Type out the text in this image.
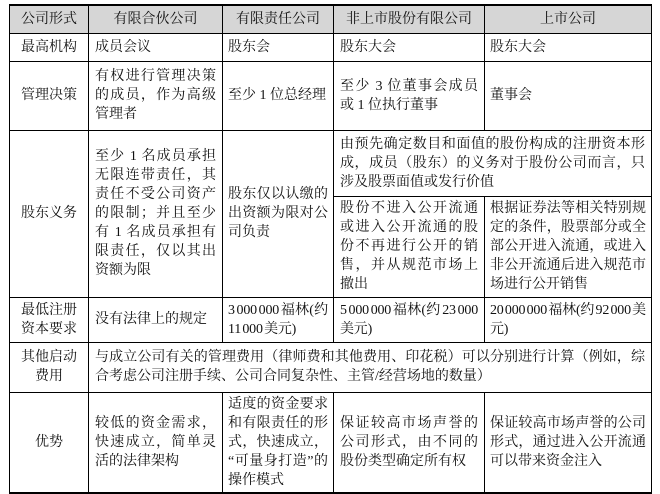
公司形式	有限合伙公司	有限责任公司	非上市股份有限公司	上市公司
最高机构	成员会议	股东会	股东大会	股东大会
管理决策	有权进行管理决策的成员，作为高级管理者	至少 1 位总经理	至少 3 位董事会成员或 1 位执行董事	董事会
股东义务	至少 1 名成员承担无限连带责任，其责任不受公司资产的限制；并且至少有 1 名成员承担有限责任，仅以其出资额为限	股东仅以认缴的出资额为限对公司负责	由预先确定数目和面值的股份构成的注册资本形成，成员（股东）的义务对于股份公司而言，只涉及股票面值或发行价值	
			股份不进入公开流通或进入公开流通的股份不再进行公开的销售，并从规范市场上撤出	根据证券法等相关特别规定的条件，股票部分或全部公开进入流通，或进入非公开流通后进入规范市场进行公开销售
最低注册资本要求	没有法律上的规定	3 000 000 福林(约 11 000 美元)	5 000 000 福林(约 23 000 美元)	20 000 000 福林(约 92 000 美元)
其他启动费用	与成立公司有关的管理费用（律师费和其他费用、印花税）可以分别进行计算（例如，综合考虑公司注册手续、公司合同复杂性、主管/经营场地的数量）			
优势	较低的资金需求，快速成立，简单灵活的法律架构	适度的资金要求和有限责任的形式，快速成立，“可量身打造”的操作模式	保证较高市场声誉的公司形式，由不同的股份类型确定所有权	保证较高市场声誉的公司形式，通过进入公开流通可以带来资金注入
